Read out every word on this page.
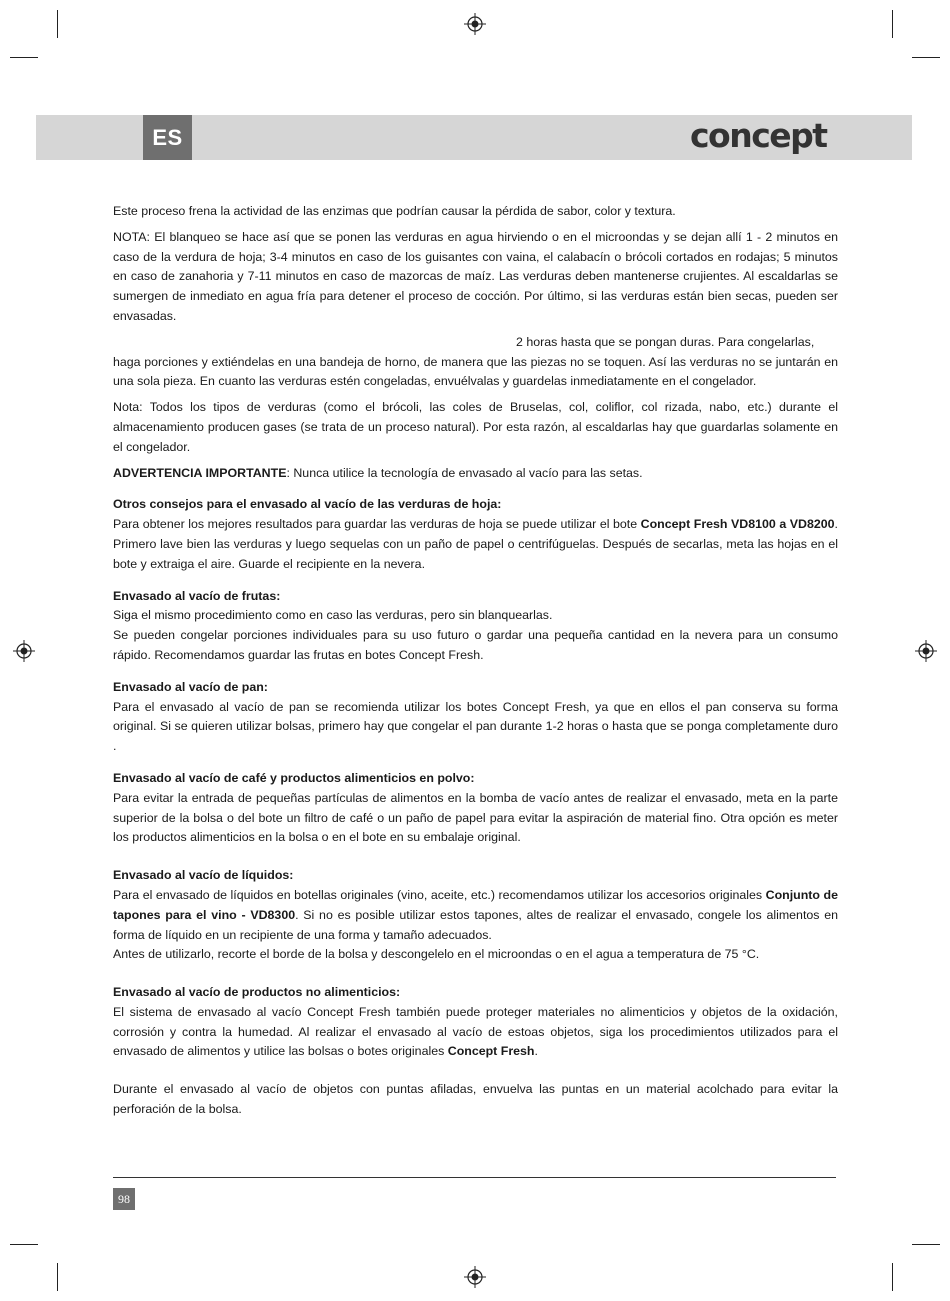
ES	concept

Este proceso frena la actividad de las enzimas que podrían causar la pérdida de sabor, color y textura.

NOTA: El blanqueo se hace así que se ponen las verduras en agua hirviendo o en el microondas y se dejan allí 1 - 2 minutos en caso de la verdura de hoja; 3-4 minutos en caso de los guisantes con vaina, el calabacín o brócoli cortados en rodajas; 5 minutos en caso de zanahoria y 7-11 minutos en caso de mazorcas de maíz. Las verduras deben mantenerse crujientes. Al escaldarlas se sumergen de inmediato en agua fría para detener el proceso de cocción. Por último, si las verduras están bien secas, pueden ser envasadas.

2 horas hasta que se pongan duras. Para congelarlas,

haga porciones y extiéndelas en una bandeja de horno, de manera que las piezas no se toquen. Así las verduras no se juntarán en una sola pieza. En cuanto las verduras estén congeladas, envuélvalas y guardelas inmediatamente en el congelador.

Nota: Todos los tipos de verduras (como el brócoli, las coles de Bruselas, col, coliflor, col rizada, nabo, etc.) durante el almacenamiento producen gases (se trata de un proceso natural). Por esta razón, al escaldarlas hay que guardarlas solamente en el congelador.

ADVERTENCIA IMPORTANTE: Nunca utilice la tecnología de envasado al vacío para las setas.

Otros consejos para el envasado al vacío de las verduras de hoja:

Para obtener los mejores resultados para guardar las verduras de hoja se puede utilizar el bote Concept Fresh VD8100 a VD8200. Primero lave bien las verduras y luego sequelas con un paño de papel o centrifúguelas. Después de secarlas, meta las hojas en el bote y extraiga el aire. Guarde el recipiente en la nevera.

Envasado al vacío de frutas:

Siga el mismo procedimiento como en caso las verduras, pero sin blanquearlas.

Se pueden congelar porciones individuales para su uso futuro o gardar una pequeña cantidad en la nevera para un consumo rápido. Recomendamos guardar las frutas en botes Concept Fresh.

Envasado al vacío de pan:

Para el envasado al vacío de pan se recomienda utilizar los botes Concept Fresh, ya que en ellos el pan conserva su forma original. Si se quieren utilizar bolsas, primero hay que congelar el pan durante 1-2 horas o hasta que se ponga completamente duro .

Envasado al vacío de café y productos alimenticios en polvo:

Para evitar la entrada de pequeñas partículas de alimentos en la bomba de vacío antes de realizar el envasado, meta en la parte superior de la bolsa o del bote un filtro de café o un paño de papel para evitar la aspiración de material fino. Otra opción es meter los productos alimenticios en la bolsa o en el bote en su embalaje original.

Envasado al vacío de líquidos:

Para el envasado de líquidos en botellas originales (vino, aceite, etc.) recomendamos utilizar los accesorios originales Conjunto de tapones para el vino - VD8300. Si no es posible utilizar estos tapones, altes de realizar el envasado, congele los alimentos en forma de líquido en un recipiente de una forma y tamaño adecuados.

Antes de utilizarlo, recorte el borde de la bolsa y descongelelo en el microondas o en el agua a temperatura de 75 °C.

Envasado al vacío de productos no alimenticios:

El sistema de envasado al vacío Concept Fresh también puede proteger materiales no alimenticios y objetos de la oxidación, corrosión y contra la humedad. Al realizar el envasado al vacío de estoas objetos, siga los procedimientos utilizados para el envasado de alimentos y utilice las bolsas o botes originales Concept Fresh.

Durante el envasado al vacío de objetos con puntas afiladas, envuelva las puntas en un material acolchado para evitar la perforación de la bolsa.

98
